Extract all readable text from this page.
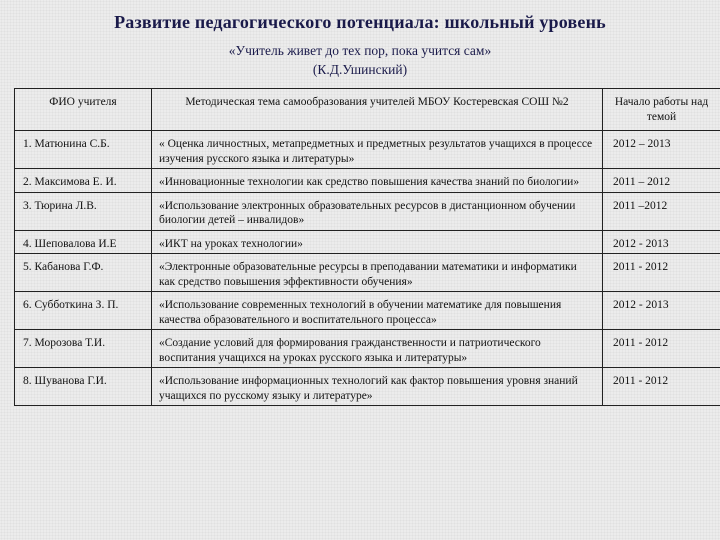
Развитие педагогического потенциала: школьный уровень
«Учитель живет до тех пор, пока учится сам»
(К.Д.Ушинский)
ФИО учителя	Методическая тема самообразования учителей МБОУ Костеревская СОШ №2	Начало работы над темой
1. Матюнина С.Б.	« Оценка личностных, метапредметных и предметных результатов учащихся в процессе изучения русского языка и литературы»	2012 – 2013
2. Максимова Е. И.	«Инновационные технологии как средство повышения качества знаний по биологии»	2011 – 2012
3. Тюрина Л.В.	«Использование электронных образовательных ресурсов в дистанционном обучении биологии детей – инвалидов»	2011 –2012
4. Шеповалова И.Е	«ИКТ на уроках технологии»	2012 - 2013
5. Кабанова Г.Ф.	«Электронные образовательные ресурсы в преподавании математики и информатики как средство повышения эффективности обучения»	2011 - 2012
6. Субботкина З. П.	«Использование современных технологий в обучении математике для повышения качества образовательного и воспитательного процесса»	2012 - 2013
7. Морозова Т.И.	«Создание условий для формирования гражданственности и патриотического воспитания учащихся на уроках русского языка и литературы»	2011 - 2012
8. Шуванова Г.И.	«Использование информационных технологий как фактор повышения уровня знаний учащихся по русскому языку и литературе»	2011 - 2012
